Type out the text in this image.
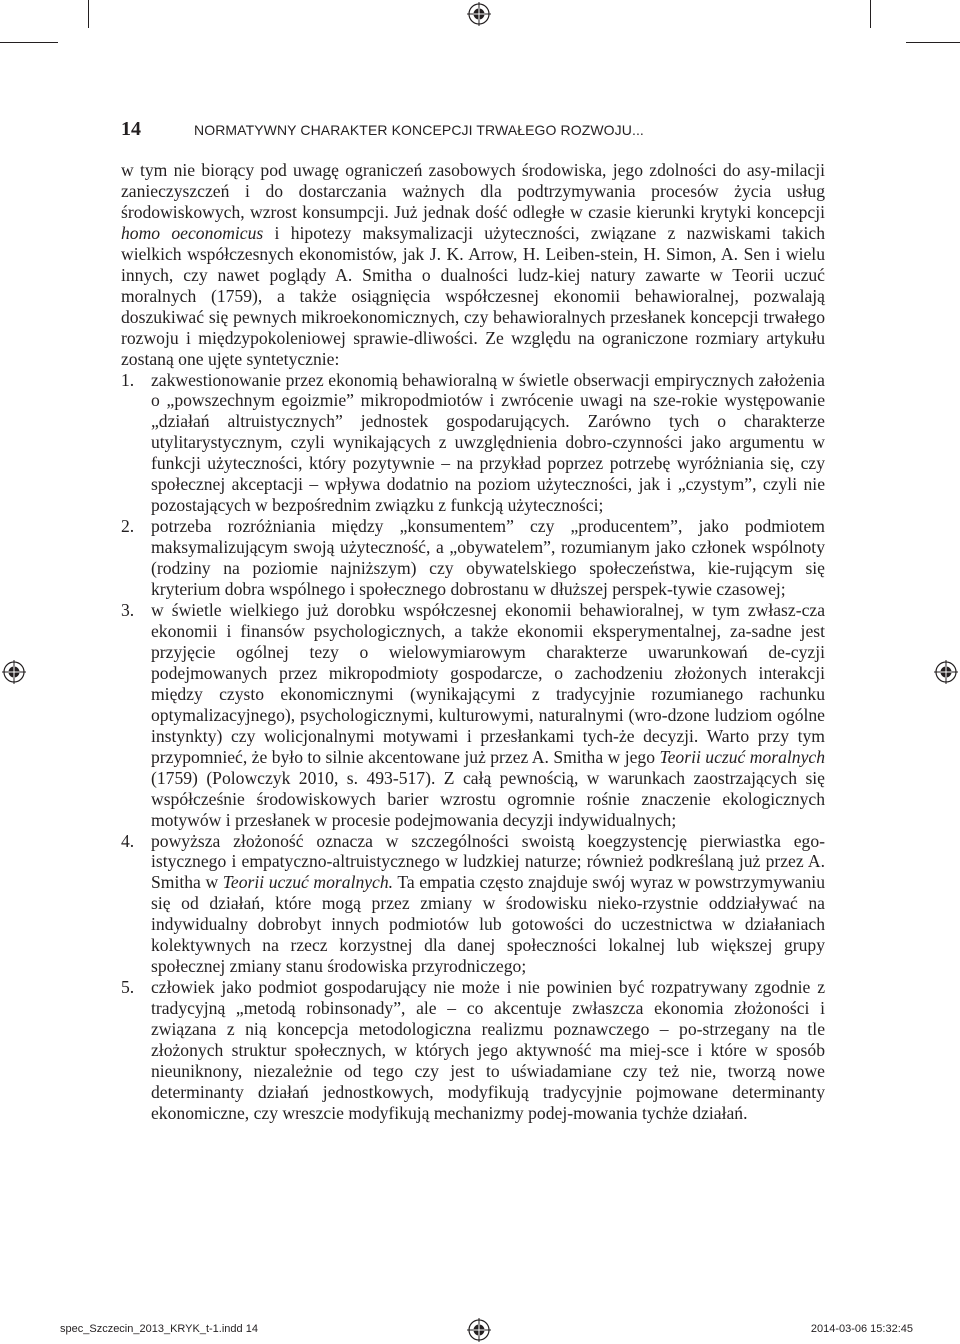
14	NORMATYWNY CHARAKTER KONCEPCJI TRWAŁEGO ROZWOJU...

w tym nie biorący pod uwagę ograniczeń zasobowych środowiska, jego zdolności do asy-milacji zanieczyszczeń i do dostarczania ważnych dla podtrzymywania procesów życia usług środowiskowych, wzrost konsumpcji. Już jednak dość odległe w czasie kierunki krytyki koncepcji homo oeconomicus i hipotezy maksymalizacji użyteczności, związane z nazwiskami takich wielkich współczesnych ekonomistów, jak J. K. Arrow, H. Leiben-stein, H. Simon, A. Sen i wielu innych, czy nawet poglądy A. Smitha o dualności ludz-kiej natury zawarte w Teorii uczuć moralnych (1759), a także osiągnięcia współczesnej ekonomii behawioralnej, pozwalają doszukiwać się pewnych mikroekonomicznych, czy behawioralnych przesłanek koncepcji trwałego rozwoju i międzypokoleniowej sprawie-dliwości. Ze względu na ograniczone rozmiary artykułu zostaną one ujęte syntetycznie:

1. zakwestionowanie przez ekonomią behawioralną w świetle obserwacji empirycznych założenia o „powszechnym egoizmie” mikropodmiotów i zwrócenie uwagi na sze-rokie występowanie „działań altruistycznych” jednostek gospodarujących. Zarówno tych o charakterze utylitarystycznym, czyli wynikających z uwzględnienia dobro-czynności jako argumentu w funkcji użyteczności, który pozytywnie – na przykład poprzez potrzebę wyróżniania się, czy społecznej akceptacji – wpływa dodatnio na poziom użyteczności, jak i „czystym”, czyli nie pozostających w bezpośrednim związku z funkcją użyteczności;
2. potrzeba rozróżniania między „konsumentem” czy „producentem”, jako podmiotem maksymalizującym swoją użyteczność, a „obywatelem”, rozumianym jako członek wspólnoty (rodziny na poziomie najniższym) czy obywatelskiego społeczeństwa, kie-rującym się kryterium dobra wspólnego i społecznego dobrostanu w dłuższej perspek-tywie czasowej;
3. w świetle wielkiego już dorobku współczesnej ekonomii behawioralnej, w tym zwłasz-cza ekonomii i finansów psychologicznych, a także ekonomii eksperymentalnej, za-sadne jest przyjęcie ogólnej tezy o wielowymiarowym charakterze uwarunkowań de-cyzji podejmowanych przez mikropodmioty gospodarcze, o zachodzeniu złożonych interakcji między czysto ekonomicznymi (wynikającymi z tradycyjnie rozumianego rachunku optymalizacyjnego), psychologicznymi, kulturowymi, naturalnymi (wro-dzone ludziom ogólne instynkty) czy wolicjonalnymi motywami i przesłankami tych-że decyzji. Warto przy tym przypomnieć, że było to silnie akcentowane już przez A. Smitha w jego Teorii uczuć moralnych (1759) (Polowczyk 2010, s. 493-517). Z całą pewnością, w warunkach zaostrzających się współcześnie środowiskowych barier wzrostu ogromnie rośnie znaczenie ekologicznych motywów i przesłanek w procesie podejmowania decyzji indywidualnych;
4. powyższa złożoność oznacza w szczególności swoistą koegzystencję pierwiastka ego-istycznego i empatyczno-altruistycznego w ludzkiej naturze; również podkreślaną już przez A. Smitha w Teorii uczuć moralnych. Ta empatia często znajduje swój wyraz w powstrzymywaniu się od działań, które mogą przez zmiany w środowisku nieko-rzystnie oddziaływać na indywidualny dobrobyt innych podmiotów lub gotowości do uczestnictwa w działaniach kolektywnych na rzecz korzystnej dla danej społeczności lokalnej lub większej grupy społecznej zmiany stanu środowiska przyrodniczego;
5. człowiek jako podmiot gospodarujący nie może i nie powinien być rozpatrywany zgodnie z tradycyjną „metodą robinsonady”, ale – co akcentuje zwłaszcza ekonomia złożoności i związana z nią koncepcja metodologiczna realizmu poznawczego – po-strzegany na tle złożonych struktur społecznych, w których jego aktywność ma miej-sce i które w sposób nieuniknony, niezależnie od tego czy jest to uświadamiane czy też nie, tworzą nowe determinanty działań jednostkowych, modyfikują tradycyjnie pojmowane determinanty ekonomiczne, czy wreszcie modyfikują mechanizmy podej-mowania tychże działań.
spec_Szczecin_2013_KRYK_t-1.indd 14	2014-03-06 15:32:45
